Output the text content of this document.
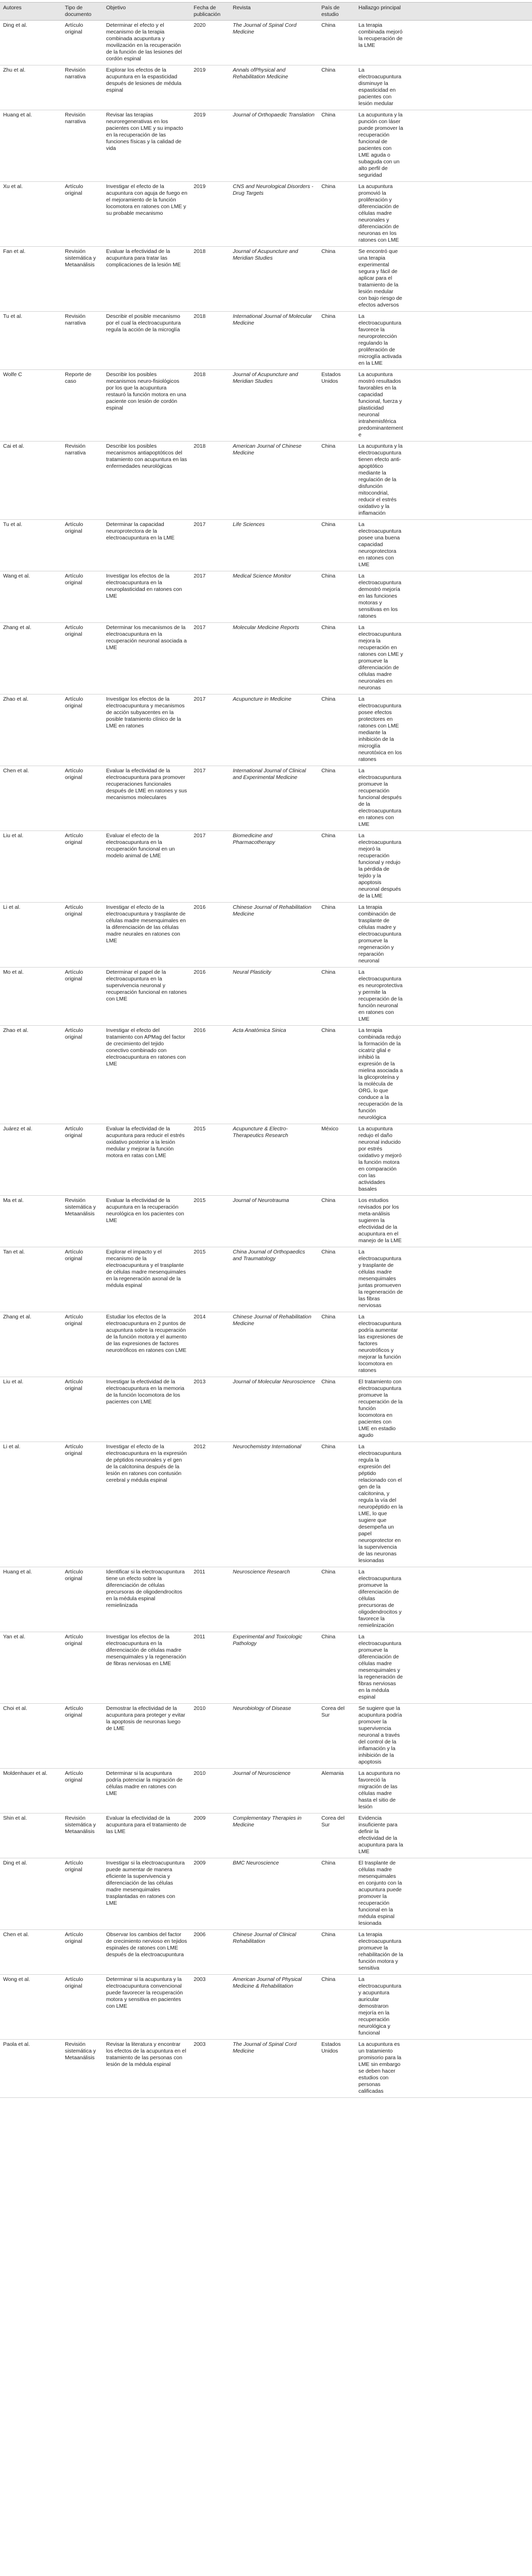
Autores	Tipo de documento	Objetivo	Fecha de publicación	Revista	País de estudio	Hallazgo principal
Ding et al.	Artículo original	Determinar el efecto y el mecanismo de la terapia combinada acupuntura y movilización en la recuperación de la función de las lesiones del cordón espinal	2020	The Journal of Spinal Cord Medicine	China	La terapia combinada mejoró la recuperación de la LME
Zhu et al.	Revisión narrativa	Explorar los efectos de la acupuntura en la espasticidad después de lesiones de médula espinal	2019	Annals ofPhysical and Rehabilitation Medicine	China	La electroacupuntura disminuye la espasticidad en pacientes con lesión medular
Huang et al.	Revisión narrativa	Revisar las terapias neuroregenerativas en los pacientes con LME y su impacto en la recuperación de las funciones físicas y la calidad de vida	2019	Journal of Orthopaedic Translation	China	La acupuntura y la punción con láser puede promover la recuperación funcional de pacientes con LME aguda o subaguda con un alto perfil de seguridad
Xu et al.	Artículo original	Investigar el efecto de la acupuntura con aguja de fuego en el mejoramiento de la función locomotora en ratones con LME y su probable mecanismo	2019	CNS and Neurological Disorders - Drug Targets	China	La acupuntura promovió la proliferación y diferenciación de células madre neuronales y diferenciación de neuronas en los ratones con LME
Fan et al.	Revisión sistemática y Metaanálisis	Evaluar la efectividad de la acupuntura para tratar las complicaciones de la lesión ME	2018	Journal of Acupuncture and Meridian Studies	China	Se encontró que una terapia experimental segura y fácil de aplicar para el tratamiento de la lesión medular con bajo riesgo de efectos adversos
Tu et al.	Revisión narrativa	Describir el posible mecanismo por el cual la electroacupuntura regula la acción de la microglía	2018	International Journal of Molecular Medicine	China	La electroacupuntura favorece la neuroprotección regulando la proliferación de microglía activada en la LME
Wolfe C	Reporte de caso	Describir los posibles mecanismos neuro-fisiológicos por los que la acupuntura restauró la función motora en una paciente con lesión de cordón espinal	2018	Journal of Acupuncture and Meridian Studies	Estados Unidos	La acupuntura mostró resultados favorables en la capacidad funcional, fuerza y plasticidad neuronal intrahemisférica predominantemente
Cai et al.	Revisión narrativa	Describir los posibles mecanismos antiapoptóticos del tratamiento con acupuntura en las enfermedades neurológicas	2018	American Journal of Chinese Medicine	China	La acupuntura y la electroacupuntura tienen efecto anti-apoptótico mediante la regulación de la disfunción mitocondrial, reducir el estrés oxidativo y la inflamación
Tu et al.	Artículo original	Determinar la capacidad neuroprotectora de la electroacupuntura en la LME	2017	Life Sciences	China	La electroacupuntura posee una buena capacidad neuroprotectora en ratones con LME
Wang et al.	Artículo original	Investigar los efectos de la electroacupuntura en la neuroplasticidad en ratones con LME	2017	Medical Science Monitor	China	La electroacupuntura demostró mejoría en las funciones motoras y sensitivas en los ratones
Zhang et al.	Artículo original	Determinar los mecanismos de la electroacupuntura en la recuperación neuronal asociada a LME	2017	Molecular Medicine Reports	China	La electroacupuntura mejora la recuperación en ratones con LME y promueve la diferenciación de células madre neuronales en neuronas
Zhao et al.	Artículo original	Investigar los efectos de la electroacupuntura y mecanismos de acción subyacentes en la posible tratamiento clínico de la LME en ratones	2017	Acupuncture in Medicine	China	La electroacupuntura posee efectos protectores en ratones con LME mediante la inhibición de la microglía neurotóxica en los ratones
Chen et al.	Artículo original	Evaluar la efectividad de la electroacupuntura para promover recuperaciones funcionales después de LME en ratones y sus mecanismos moleculares	2017	International Journal of Clinical and Experimental Medicine	China	La electroacupuntura promueve la recuperación funcional después de la electroacupuntura en ratones con LME
Liu et al.	Artículo original	Evaluar el efecto de la electroacupuntura en la recuperación funcional en un modelo animal de LME	2017	Biomedicine and Pharmacotherapy	China	La electroacupuntura mejoró la recuperación funcional y redujo la pérdida de tejido y la apoptosis neuronal después de la LME
Li et al.	Artículo original	Investigar el efecto de la electroacupuntura y trasplante de células madre mesenquimales en la diferenciación de las células madre neurales en ratones con LME	2016	Chinese Journal of Rehabilitation Medicine	China	La terapia combinación de trasplante de células madre y electroacupuntura promueve la regeneración y reparación neuronal
Mo et al.	Artículo original	Determinar el papel de la electroacupuntura en la supervivencia neuronal y recuperación funcional en ratones con LME	2016	Neural Plasticity	China	La electroacupuntura es neuroprotectiva y permite la recuperación de la función neuronal en ratones con LME
Zhao et al.	Artículo original	Investigar el efecto del tratamiento con APMag del factor de crecimiento del tejido conectivo combinado con electroacupuntura en ratones con LME	2016	Acta Anatómica Sinica	China	La terapia combinada redujo la formación de la cicatriz glial e inhibió la expresión de la mielina asociada a la glicoproteína y la molécula de ORG, lo que conduce a la recuperación de la función neurológica
Juárez et al.	Artículo original	Evaluar la efectividad de la acupuntura para reducir el estrés oxidativo posterior a la lesión medular y mejorar la función motora en ratas con LME	2015	Acupuncture & Electro-Therapeutics Research	México	La acupuntura redujo el daño neuronal inducido por estrés oxidativo y mejoró la función motora en comparación con las actividades basales
Ma et al.	Revisión sistemática y Metaanálisis	Evaluar la efectividad de la acupuntura en la recuperación neurológica en los pacientes con LME	2015	Journal of Neurotrauma	China	Los estudios revisados por los meta-análisis sugieren la efectividad de la acupuntura en el manejo de la LME
Tan et al.	Artículo original	Explorar el impacto y el mecanismo de la electroacupuntura y el trasplante de células madre mesenquimales en la regeneración axonal de la médula espinal	2015	China Journal of Orthopaedics and Traumatology	China	La electroacupuntura y trasplante de células madre mesenquimales juntas promueven la regeneración de las fibras nerviosas
Zhang et al.	Artículo original	Estudiar los efectos de la electroacupuntura en 2 puntos de acupuntura sobre la recuperación de la función motora y el aumento de las expresiones de factores neurotróficos en ratones con LME	2014	Chinese Journal of Rehabilitation Medicine	China	La electroacupuntura podría aumentar las expresiones de factores neurotróficos y mejorar la función locomotora en ratones
Liu et al.	Artículo original	Investigar la efectividad de la electroacupuntura en la memoria de la función locomotora de los pacientes con LME	2013	Journal of Molecular Neuroscience	China	El tratamiento con electroacupuntura promueve la recuperación de la función locomotora en pacientes con LME en estadio agudo
Li et al.	Artículo original	Investigar el efecto de la electroacupuntura en la expresión de péptidos neuronales y el gen de la calcitonina después de la lesión en ratones con contusión cerebral y médula espinal	2012	Neurochemistry International	China	La electroacupuntura regula la expresión del péptido relacionado con el gen de la calcitonina, y regula la vía del neuropéptido en la LME, lo que sugiere que desempeña un papel neuroprotector en la supervivencia de las neuronas lesionadas
Huang et al.	Artículo original	Identificar si la electroacupuntura tiene un efecto sobre la diferenciación de células precursoras de oligodendrocitos en la médula espinal remielinizada	2011	Neuroscience Research	China	La electroacupuntura promueve la diferenciación de células precursoras de oligodendrocitos y favorece la remielinización
Yan et al.	Artículo original	Investigar los efectos de la electroacupuntura en la diferenciación de células madre mesenquimales y la regeneración de fibras nerviosas en LME	2011	Experimental and Toxicologic Pathology	China	La electroacupuntura promueve la diferenciación de células madre mesenquimales y la regeneración de fibras nerviosas en la médula espinal
Choi et al.	Artículo original	Demostrar la efectividad de la acupuntura para proteger y evitar la apoptosis de neuronas luego de LME	2010	Neurobiology of Disease	Corea del Sur	Se sugiere que la acupuntura podría promover la supervivencia neuronal a través del control de la inflamación y la inhibición de la apoptosis
Moldenhauer et al.	Artículo original	Determinar si la acupuntura podría potenciar la migración de células madre en ratones con LME	2010	Journal of Neuroscience	Alemania	La acupuntura no favoreció la migración de las células madre hasta el sitio de lesión
Shin et al.	Revisión sistemática y Metaanálisis	Evaluar la efectividad de la acupuntura para el tratamiento de las LME	2009	Complementary Therapies in Medicine	Corea del Sur	Evidencia insuficiente para definir la efectividad de la acupuntura para la LME
Ding et al.	Artículo original	Investigar si la electroacupuntura puede aumentar de manera eficiente la supervivencia y diferenciación de las células madre mesenquimales trasplantadas en ratones con LME	2009	BMC Neuroscience	China	El trasplante de células madre mesenquimales en conjunto con la acupuntura puede promover la recuperación funcional en la médula espinal lesionada
Chen et al.	Artículo original	Observar los cambios del factor de crecimiento nervioso en tejidos espinales de ratones con LME después de la electroacupuntura	2006	Chinese Journal of Clinical Rehabilitation	China	La terapia electroacupuntura promueve la rehabilitación de la función motora y sensitiva
Wong et al.	Artículo original	Determinar si la acupuntura y la electroacupuntura convencional puede favorecer la recuperación motora y sensitiva en pacientes con LME	2003	American Journal of Physical Medicine & Rehabilitation	China	La electroacupuntura y acupuntura auricular demostraron mejoría en la recuperación neurológica y funcional
Paola et al.	Revisión sistemática y Metaanálisis	Revisar la literatura y encontrar los efectos de la acupuntura en el tratamiento de las personas con lesión de la médula espinal	2003	The Journal of Spinal Cord Medicine	Estados Unidos	La acupuntura es un tratamiento promisorio para la LME sin embargo se deben hacer estudios con personas calificadas
